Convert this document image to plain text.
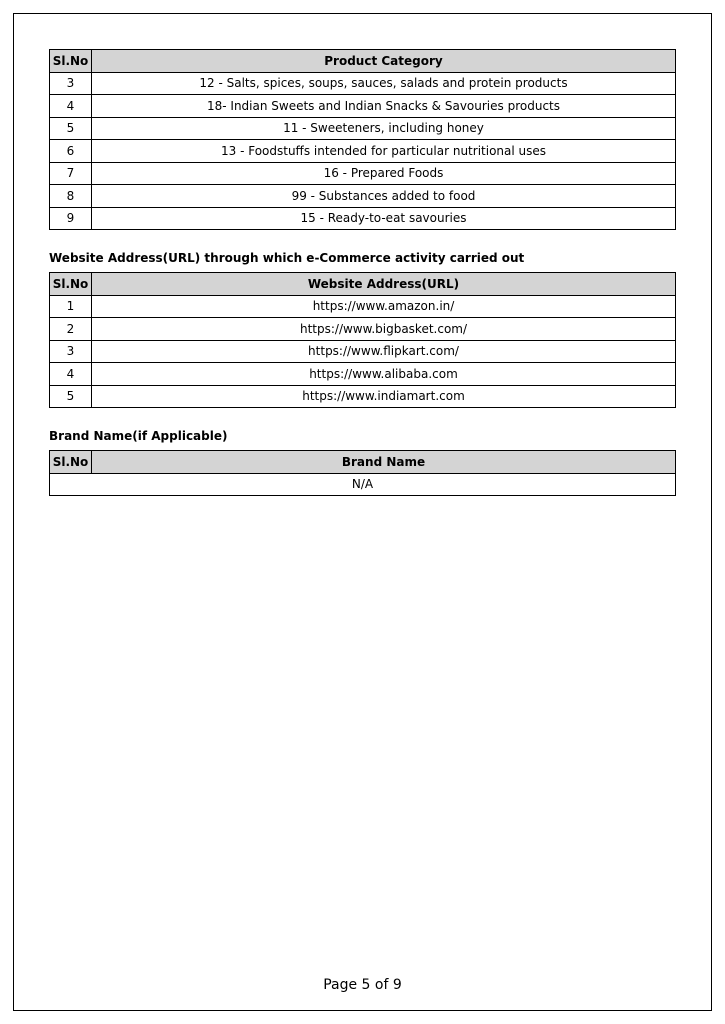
Sl.No	Product Category
3	12 - Salts, spices, soups, sauces, salads and protein products
4	18- Indian Sweets and Indian Snacks & Savouries products
5	11 - Sweeteners, including honey
6	13 - Foodstuffs intended for particular nutritional uses
7	16 - Prepared Foods
8	99 - Substances added to food
9	15 - Ready-to-eat savouries
Website Address(URL) through which e-Commerce activity carried out
Sl.No	Website Address(URL)
1	https://www.amazon.in/
2	https://www.bigbasket.com/
3	https://www.flipkart.com/
4	https://www.alibaba.com
5	https://www.indiamart.com
Brand Name(if Applicable)
Sl.No	Brand Name
N/A
Page 5 of 9
